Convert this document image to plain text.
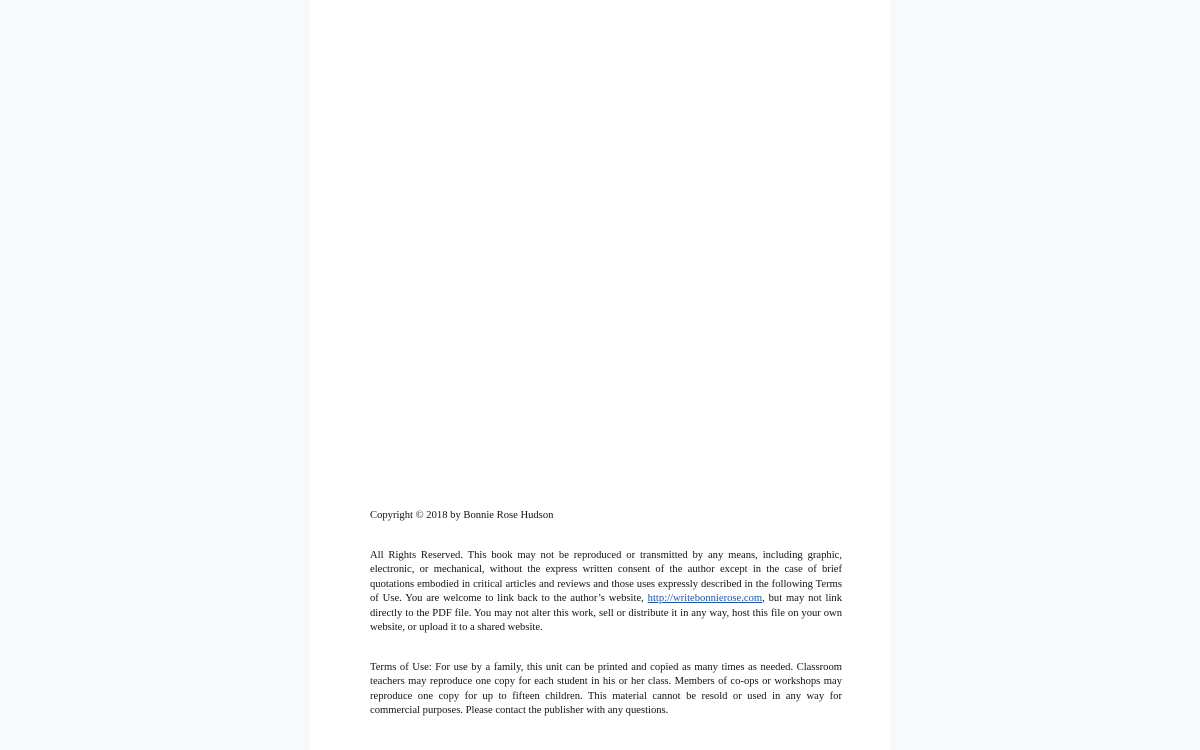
Copyright © 2018 by Bonnie Rose Hudson
All Rights Reserved. This book may not be reproduced or transmitted by any means, including graphic, electronic, or mechanical, without the express written consent of the author except in the case of brief quotations embodied in critical articles and reviews and those uses expressly described in the following Terms of Use. You are welcome to link back to the author’s website, http://writebonnierose.com, but may not link directly to the PDF file. You may not alter this work, sell or distribute it in any way, host this file on your own website, or upload it to a shared website.
Terms of Use: For use by a family, this unit can be printed and copied as many times as needed. Classroom teachers may reproduce one copy for each student in his or her class. Members of co-ops or workshops may reproduce one copy for up to fifteen children. This material cannot be resold or used in any way for commercial purposes. Please contact the publisher with any questions.
